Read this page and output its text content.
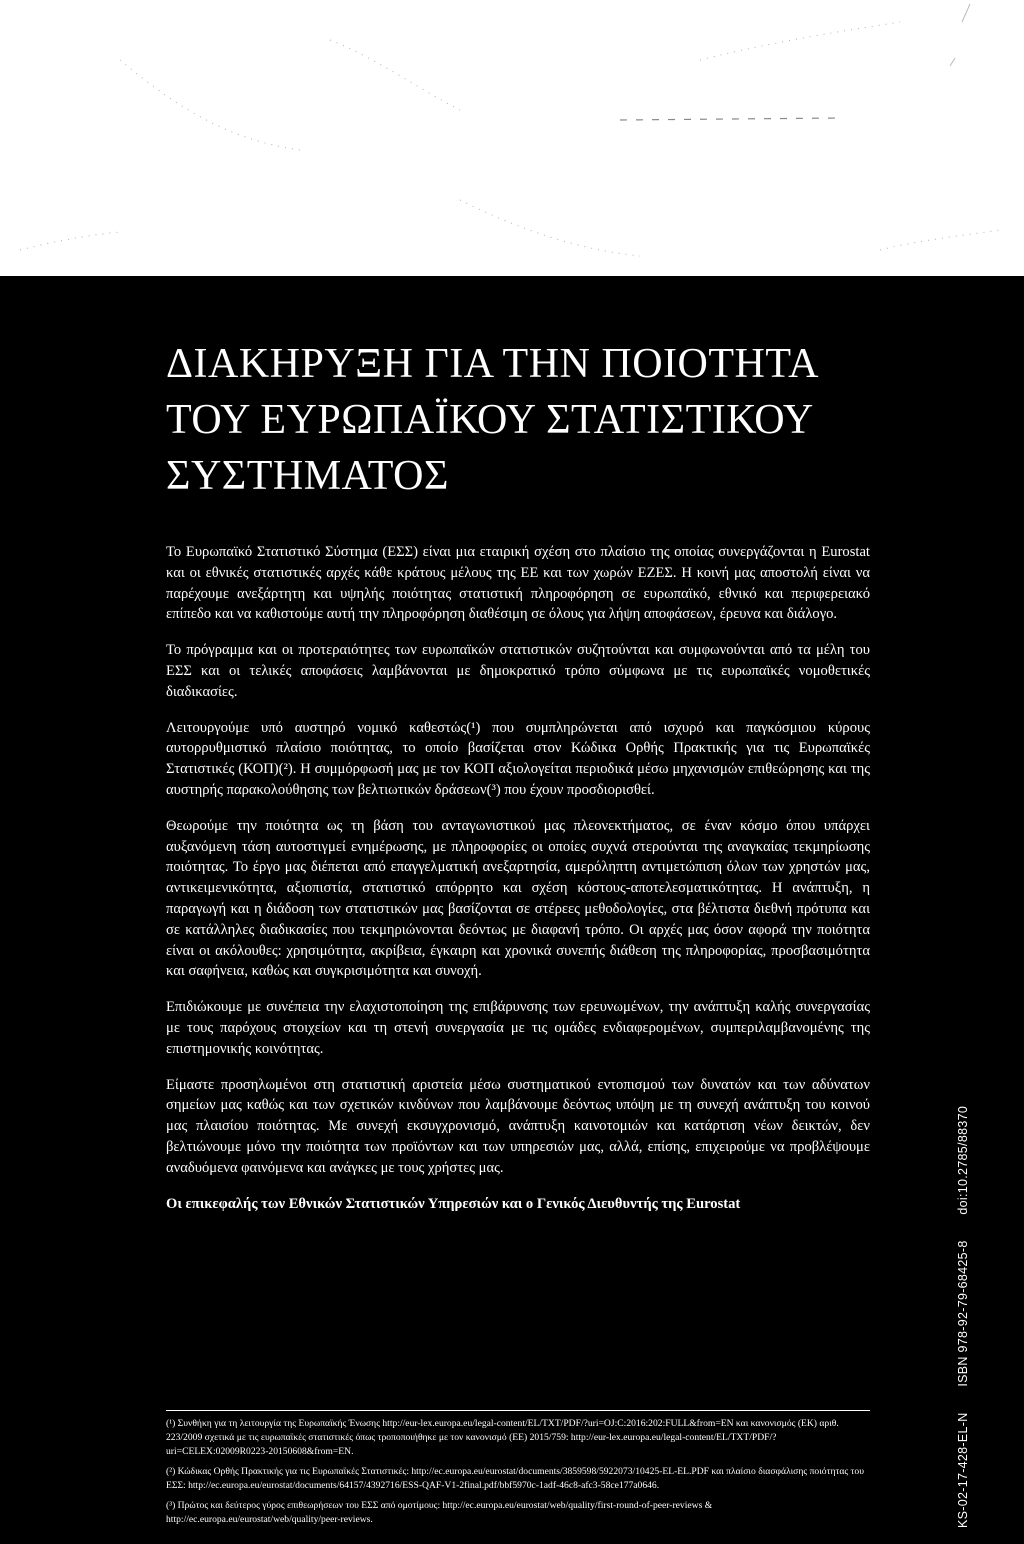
ΔΙΑΚΗΡΥΞΗ ΓΙΑ ΤΗΝ ΠΟΙΟΤΗΤΑ
ΤΟΥ ΕΥΡΩΠΑΪΚΟΥ ΣΤΑΤΙΣΤΙΚΟΥ
ΣΥΣΤΗΜΑΤΟΣ

Το Ευρωπαϊκό Στατιστικό Σύστημα (ΕΣΣ) είναι μια εταιρική σχέση στο πλαίσιο της οποίας συνεργάζονται η Eurostat και οι εθνικές στατιστικές αρχές κάθε κράτους μέλους της ΕΕ και των χωρών ΕΖΕΣ. Η κοινή μας αποστολή είναι να παρέχουμε ανεξάρτητη και υψηλής ποιότητας στατιστική πληροφόρηση σε ευρωπαϊκό, εθνικό και περιφερειακό επίπεδο και να καθιστούμε αυτή την πληροφόρηση διαθέσιμη σε όλους για λήψη αποφάσεων, έρευνα και διάλογο.

Το πρόγραμμα και οι προτεραιότητες των ευρωπαϊκών στατιστικών συζητούνται και συμφωνούνται από τα μέλη του ΕΣΣ και οι τελικές αποφάσεις λαμβάνονται με δημοκρατικό τρόπο σύμφωνα με τις ευρωπαϊκές νομοθετικές διαδικασίες.

Λειτουργούμε υπό αυστηρό νομικό καθεστώς(¹) που συμπληρώνεται από ισχυρό και παγκόσμιου κύρους αυτορρυθμιστικό πλαίσιο ποιότητας, το οποίο βασίζεται στον Κώδικα Ορθής Πρακτικής για τις Ευρωπαϊκές Στατιστικές (ΚΟΠ)(²). Η συμμόρφωσή μας με τον ΚΟΠ αξιολογείται περιοδικά μέσω μηχανισμών επιθεώρησης και της αυστηρής παρακολούθησης των βελτιωτικών δράσεων(³) που έχουν προσδιορισθεί.

Θεωρούμε την ποιότητα ως τη βάση του ανταγωνιστικού μας πλεονεκτήματος, σε έναν κόσμο όπου υπάρχει αυξανόμενη τάση αυτοστιγμεί ενημέρωσης, με πληροφορίες οι οποίες συχνά στερούνται της αναγκαίας τεκμηρίωσης ποιότητας. Το έργο μας διέπεται από επαγγελματική ανεξαρτησία, αμερόληπτη αντιμετώπιση όλων των χρηστών μας, αντικειμενικότητα, αξιοπιστία, στατιστικό απόρρητο και σχέση κόστους-αποτελεσματικότητας. Η ανάπτυξη, η παραγωγή και η διάδοση των στατιστικών μας βασίζονται σε στέρεες μεθοδολογίες, στα βέλτιστα διεθνή πρότυπα και σε κατάλληλες διαδικασίες που τεκμηριώνονται δεόντως με διαφανή τρόπο. Οι αρχές μας όσον αφορά την ποιότητα είναι οι ακόλουθες: χρησιμότητα, ακρίβεια, έγκαιρη και χρονικά συνεπής διάθεση της πληροφορίας, προσβασιμότητα και σαφήνεια, καθώς και συγκρισιμότητα και συνοχή.

Επιδιώκουμε με συνέπεια την ελαχιστοποίηση της επιβάρυνσης των ερευνωμένων, την ανάπτυξη καλής συνεργασίας με τους παρόχους στοιχείων και τη στενή συνεργασία με τις ομάδες ενδιαφερομένων, συμπεριλαμβανομένης της επιστημονικής κοινότητας.

Είμαστε προσηλωμένοι στη στατιστική αριστεία μέσω συστηματικού εντοπισμού των δυνατών και των αδύνατων σημείων μας καθώς και των σχετικών κινδύνων που λαμβάνουμε δεόντως υπόψη με τη συνεχή ανάπτυξη του κοινού μας πλαισίου ποιότητας. Με συνεχή εκσυγχρονισμό, ανάπτυξη καινοτομιών και κατάρτιση νέων δεικτών, δεν βελτιώνουμε μόνο την ποιότητα των προϊόντων και των υπηρεσιών μας, αλλά, επίσης, επιχειρούμε να προβλέψουμε αναδυόμενα φαινόμενα και ανάγκες με τους χρήστες μας.

Οι επικεφαλής των Εθνικών Στατιστικών Υπηρεσιών και ο Γενικός Διευθυντής της Eurostat

(¹) Συνθήκη για τη λειτουργία της Ευρωπαϊκής Ένωσης http://eur-lex.europa.eu/legal-content/EL/TXT/PDF/?uri=OJ:C:2016:202:FULL&from=EN και κανονισμός (ΕΚ) αριθ. 223/2009 σχετικά με τις ευρωπαϊκές στατιστικές όπως τροποποιήθηκε με τον κανονισμό (ΕΕ) 2015/759: http://eur-lex.europa.eu/legal-content/EL/TXT/PDF/?uri=CELEX:02009R0223-20150608&from=EN.

(²) Κώδικας Ορθής Πρακτικής για τις Ευρωπαϊκές Στατιστικές: http://ec.europa.eu/eurostat/documents/3859598/5922073/10425-EL-EL.PDF και πλαίσιο διασφάλισης ποιότητας του ΕΣΣ: http://ec.europa.eu/eurostat/documents/64157/4392716/ESS-QAF-V1-2final.pdf/bbf5970c-1adf-46c8-afc3-58ce177a0646.

(³) Πρώτος και δεύτερος γύρος επιθεωρήσεων του ΕΣΣ από ομοτίμους: http://ec.europa.eu/eurostat/web/quality/first-round-of-peer-reviews & http://ec.europa.eu/eurostat/web/quality/peer-reviews.	KS-02-17-428-EL-N ISBN 978-92-79-68425-8 doi:10.2785/88370
